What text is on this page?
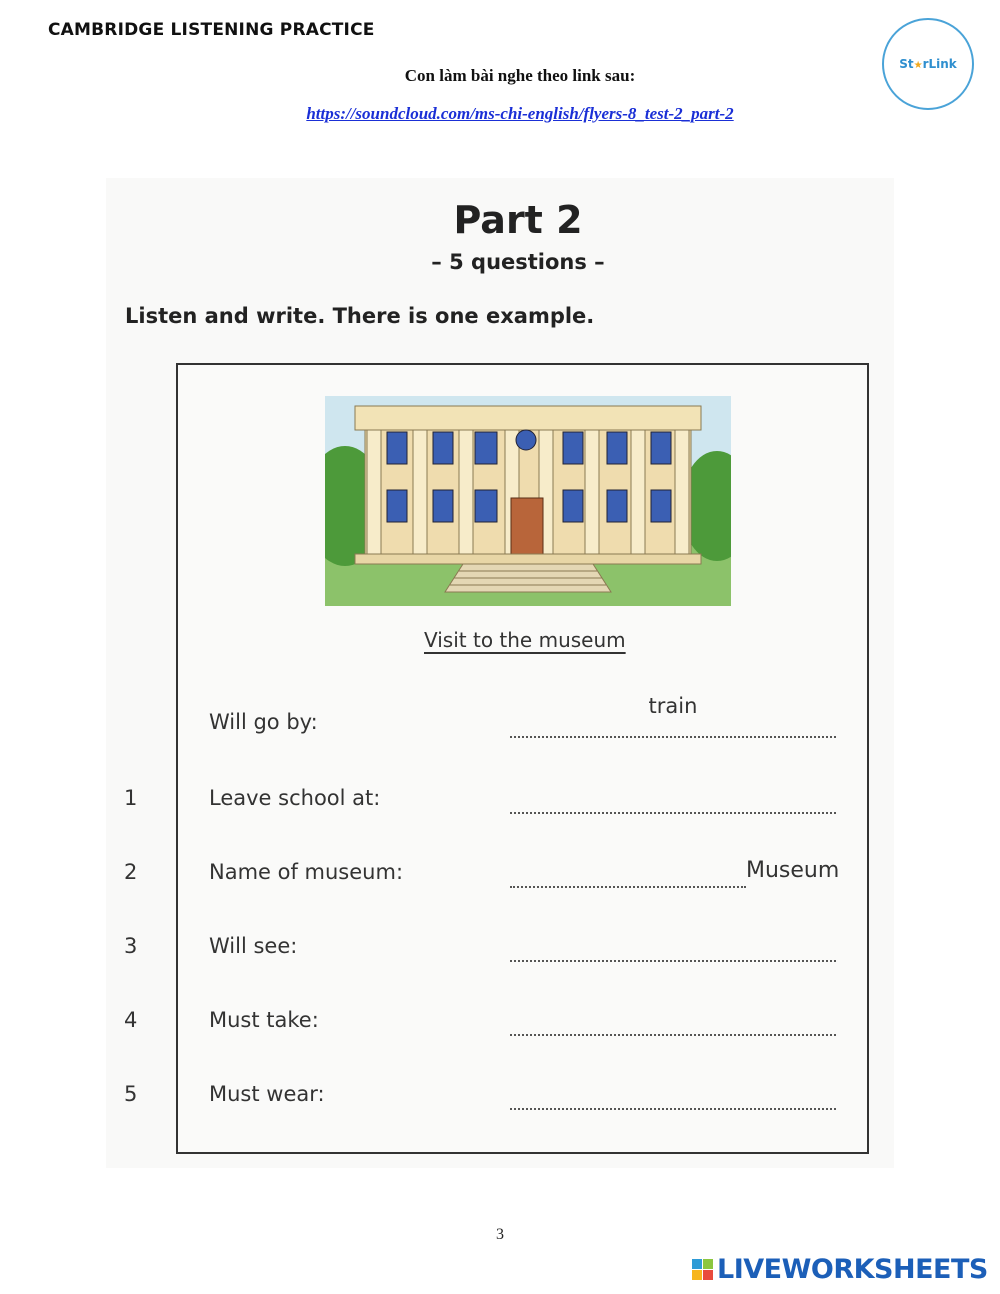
CAMBRIDGE LISTENING PRACTICE
Con làm bài nghe theo link sau:
https://soundcloud.com/ms-chi-english/flyers-8_test-2_part-2
St★rLink
Part 2
– 5 questions –
Listen and write. There is one example.
Visit to the museum
Will go by:
train
1	Leave school at:
2	Name of museum:	Museum
3	Will see:
4	Must take:
5	Must wear:
3
LIVEWORKSHEETS
